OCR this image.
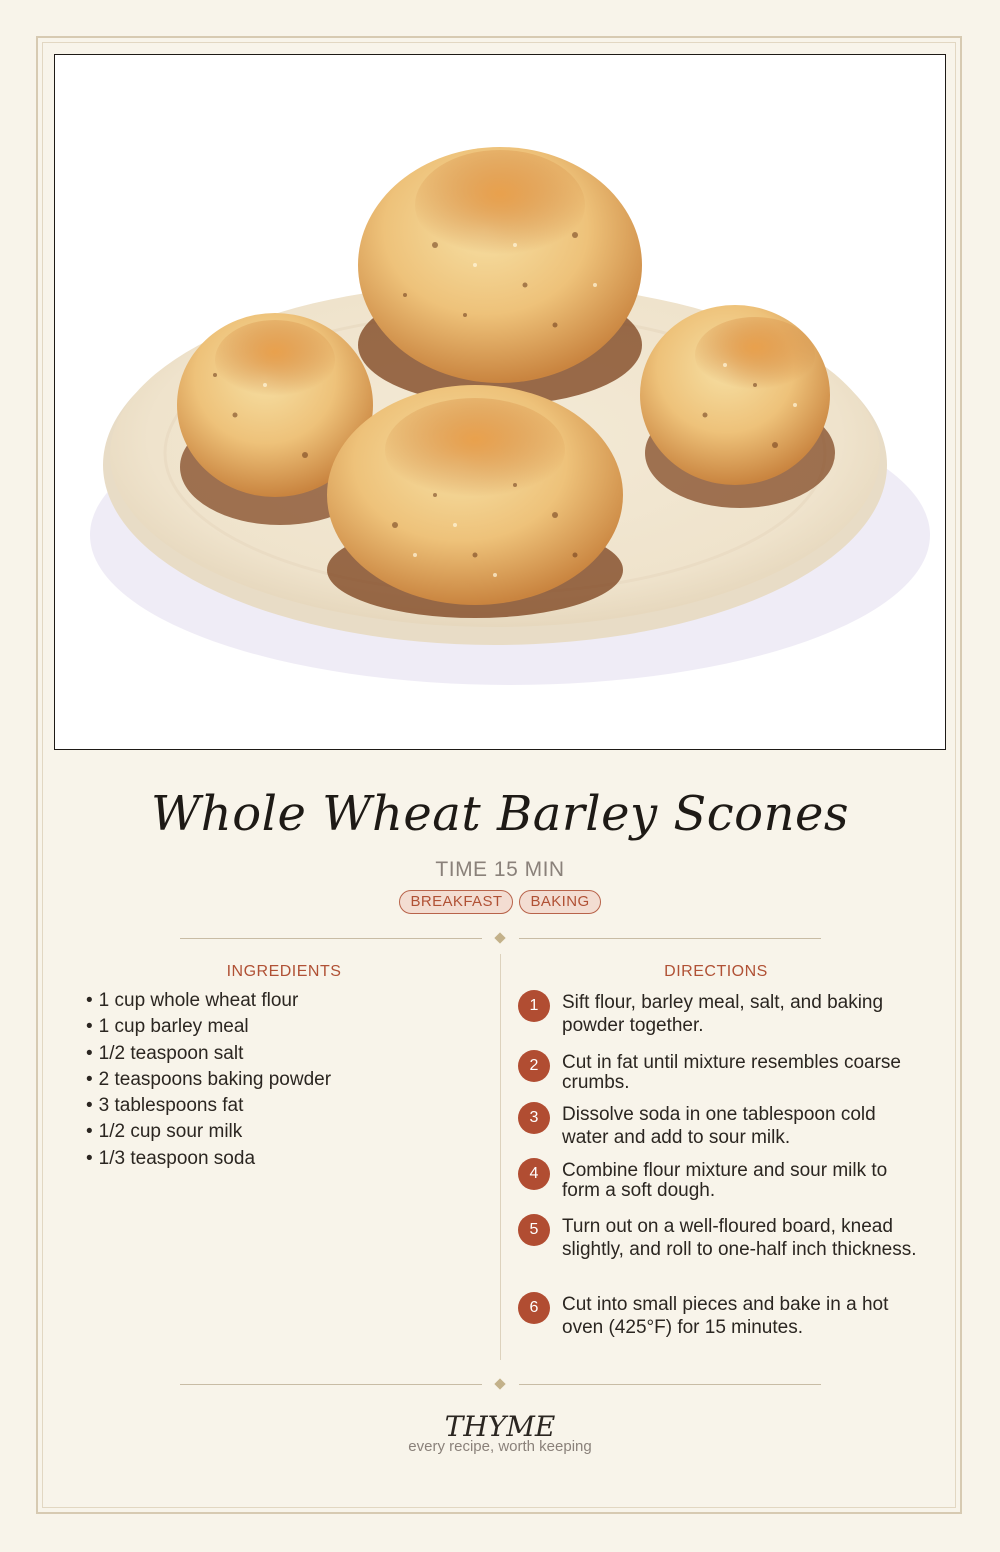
Whole Wheat Barley Scones
TIME 15 MIN
BREAKFAST BAKING
INGREDIENTS	DIRECTIONS
• 1 cup whole wheat flour
• 1 cup barley meal
• 1/2 teaspoon salt
• 2 teaspoons baking powder
• 3 tablespoons fat
• 1/2 cup sour milk
• 1/3 teaspoon soda
1	Sift flour, barley meal, salt, and baking powder together.
2	Cut in fat until mixture resembles coarse crumbs.
3	Dissolve soda in one tablespoon cold water and add to sour milk.
4	Combine flour mixture and sour milk to form a soft dough.
5	Turn out on a well-floured board, knead slightly, and roll to one-half inch thickness.
6	Cut into small pieces and bake in a hot oven (425°F) for 15 minutes.
THYME
every recipe, worth keeping
